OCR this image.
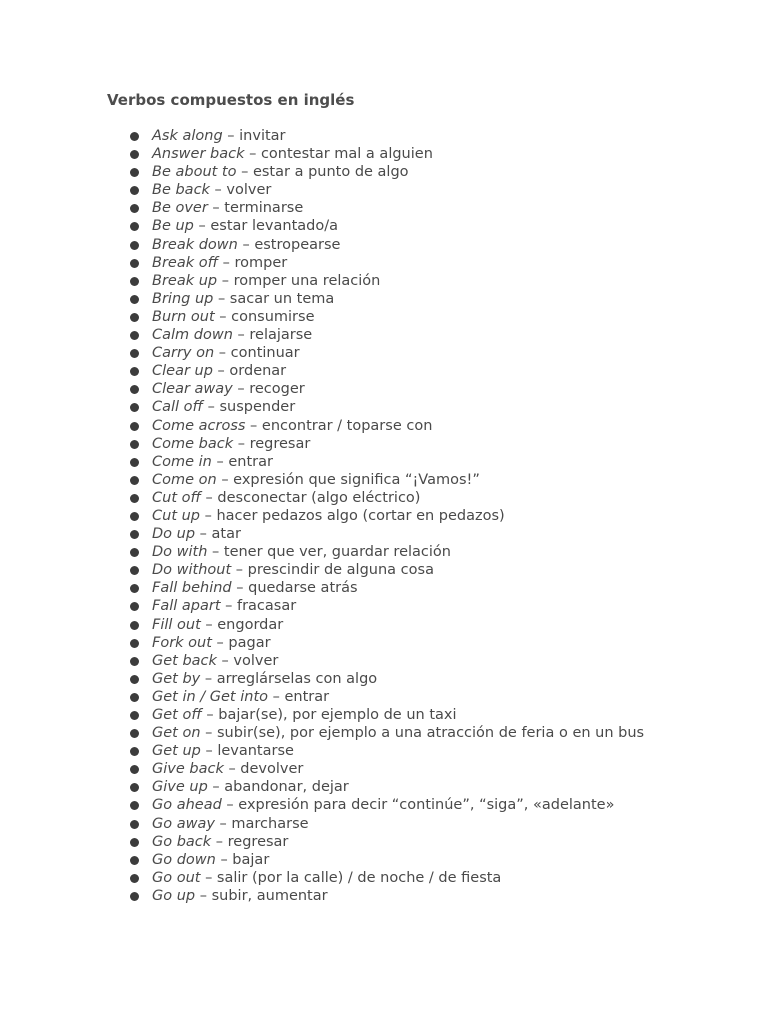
Verbos compuestos en inglés
Ask along – invitar
Answer back – contestar mal a alguien
Be about to – estar a punto de algo
Be back – volver
Be over – terminarse
Be up – estar levantado/a
Break down – estropearse
Break off – romper
Break up – romper una relación
Bring up – sacar un tema
Burn out – consumirse
Calm down – relajarse
Carry on – continuar
Clear up – ordenar
Clear away – recoger
Call off – suspender
Come across – encontrar / toparse con
Come back – regresar
Come in – entrar
Come on – expresión que significa “¡Vamos!”
Cut off – desconectar (algo eléctrico)
Cut up – hacer pedazos algo (cortar en pedazos)
Do up – atar
Do with – tener que ver, guardar relación
Do without – prescindir de alguna cosa
Fall behind – quedarse atrás
Fall apart – fracasar
Fill out – engordar
Fork out – pagar
Get back – volver
Get by – arreglárselas con algo
Get in / Get into – entrar
Get off – bajar(se), por ejemplo de un taxi
Get on – subir(se), por ejemplo a una atracción de feria o en un bus
Get up – levantarse
Give back – devolver
Give up – abandonar, dejar
Go ahead – expresión para decir “continúe”, “siga”, «adelante»
Go away – marcharse
Go back – regresar
Go down – bajar
Go out – salir (por la calle) / de noche / de fiesta
Go up – subir, aumentar
